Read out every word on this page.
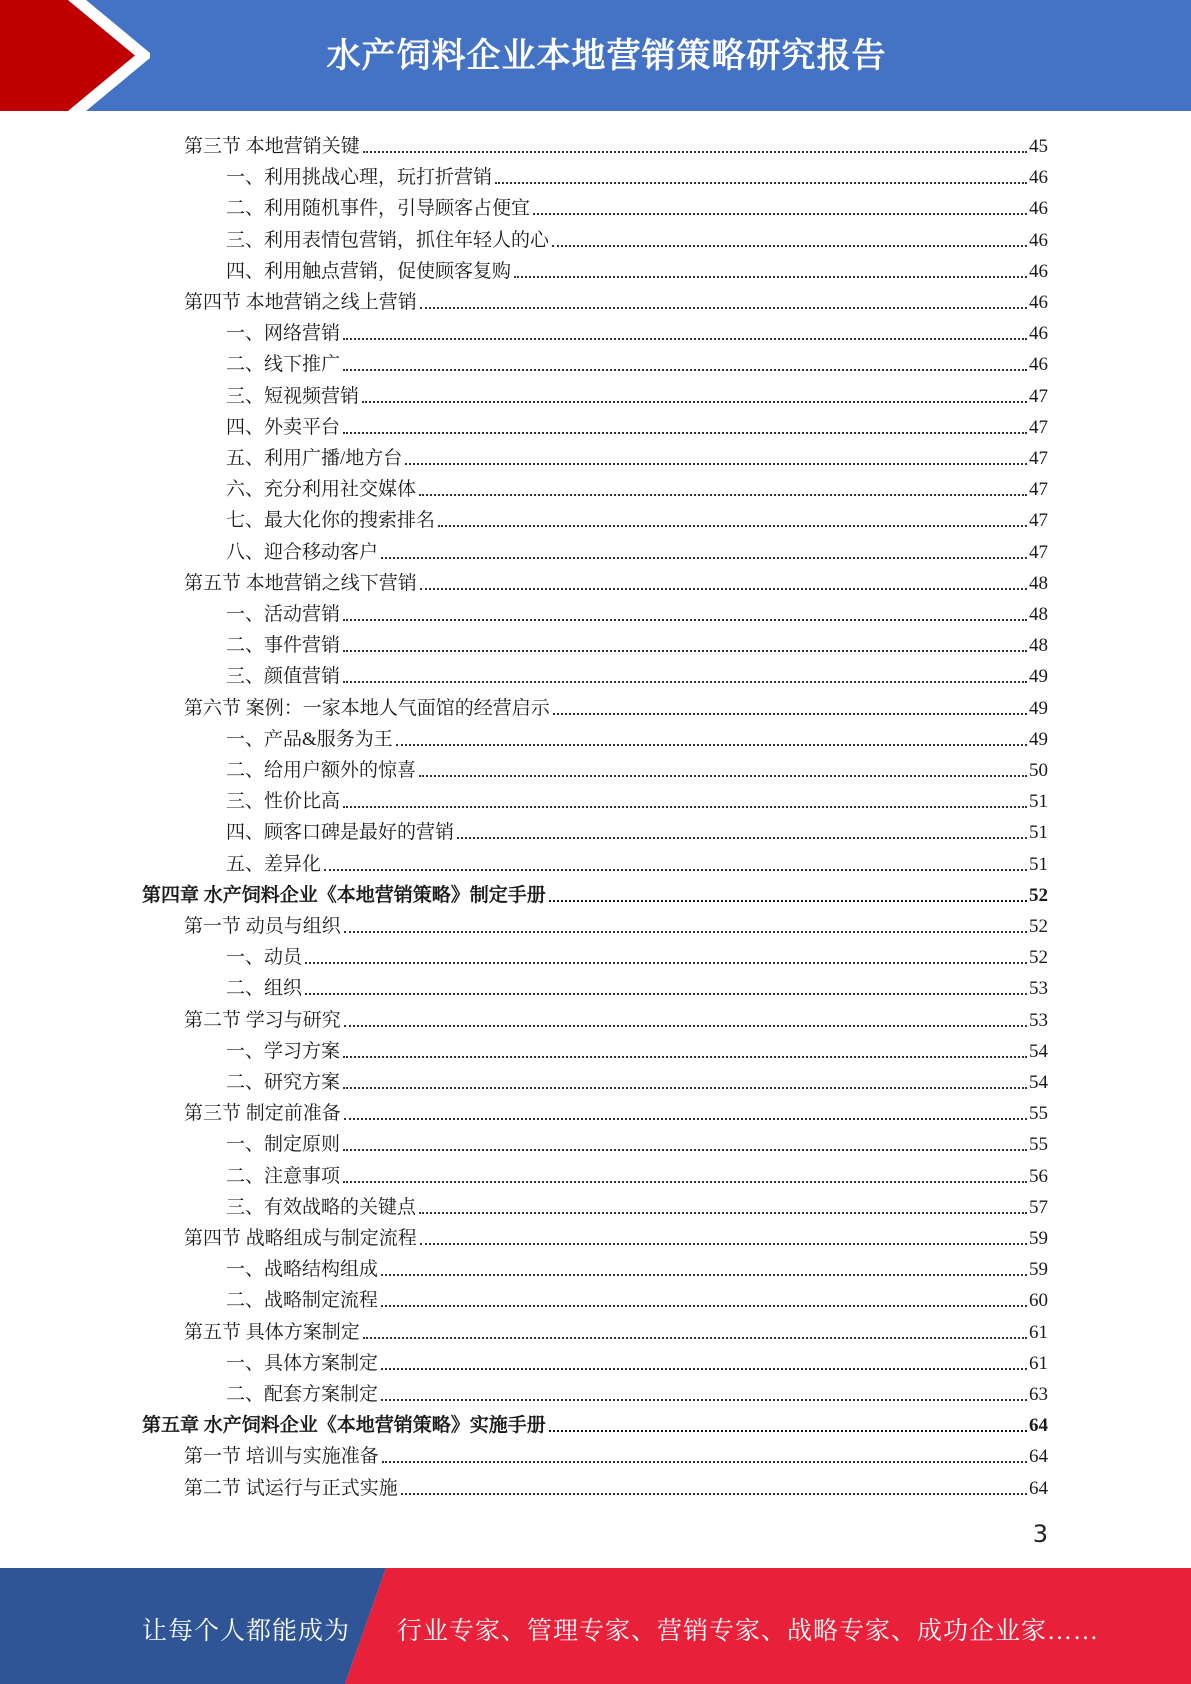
水产饲料企业本地营销策略研究报告
第三节 本地营销关键	45
一、利用挑战心理，玩打折营销	46
二、利用随机事件，引导顾客占便宜	46
三、利用表情包营销，抓住年轻人的心	46
四、利用触点营销，促使顾客复购	46
第四节 本地营销之线上营销	46
一、网络营销	46
二、线下推广	46
三、短视频营销	47
四、外卖平台	47
五、利用广播/地方台	47
六、充分利用社交媒体	47
七、最大化你的搜索排名	47
八、迎合移动客户	47
第五节 本地营销之线下营销	48
一、活动营销	48
二、事件营销	48
三、颜值营销	49
第六节 案例：一家本地人气面馆的经营启示	49
一、产品&服务为王	49
二、给用户额外的惊喜	50
三、性价比高	51
四、顾客口碑是最好的营销	51
五、差异化	51
第四章 水产饲料企业《本地营销策略》制定手册	52
第一节 动员与组织	52
一、动员	52
二、组织	53
第二节 学习与研究	53
一、学习方案	54
二、研究方案	54
第三节 制定前准备	55
一、制定原则	55
二、注意事项	56
三、有效战略的关键点	57
第四节 战略组成与制定流程	59
一、战略结构组成	59
二、战略制定流程	60
第五节 具体方案制定	61
一、具体方案制定	61
二、配套方案制定	63
第五章 水产饲料企业《本地营销策略》实施手册	64
第一节 培训与实施准备	64
第二节 试运行与正式实施	64
3
让每个人都能成为 行业专家、管理专家、营销专家、战略专家、成功企业家……
